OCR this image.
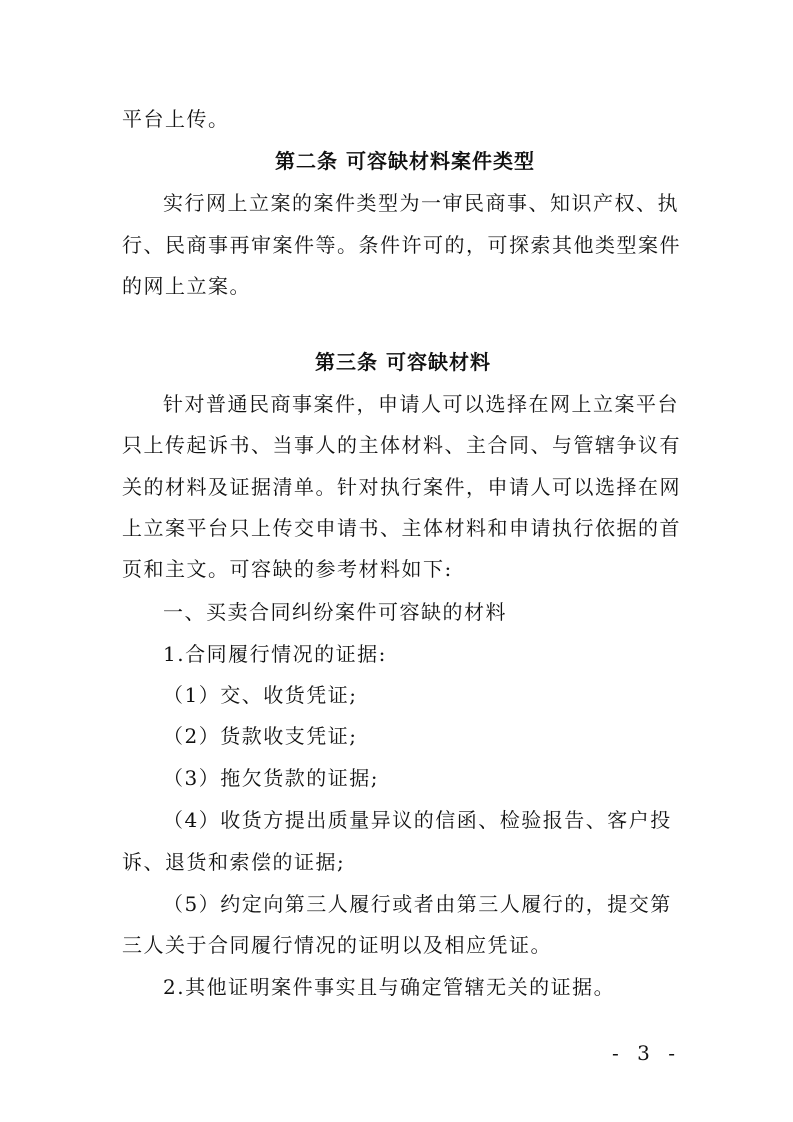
平台上传。
第二条 可容缺材料案件类型
实行网上立案的案件类型为一审民商事、知识产权、执
行、民商事再审案件等。条件许可的，可探索其他类型案件
的网上立案。
第三条 可容缺材料
针对普通民商事案件，申请人可以选择在网上立案平台
只上传起诉书、当事人的主体材料、主合同、与管辖争议有
关的材料及证据清单。针对执行案件，申请人可以选择在网
上立案平台只上传交申请书、主体材料和申请执行依据的首
页和主文。可容缺的参考材料如下:
一、买卖合同纠纷案件可容缺的材料
1.合同履行情况的证据:
（1）交、收货凭证;
（2）货款收支凭证;
（3）拖欠货款的证据;
（4）收货方提出质量异议的信函、检验报告、客户投
诉、退货和索偿的证据;
（5）约定向第三人履行或者由第三人履行的，提交第
三人关于合同履行情况的证明以及相应凭证。
2.其他证明案件事实且与确定管辖无关的证据。
- 3 -
